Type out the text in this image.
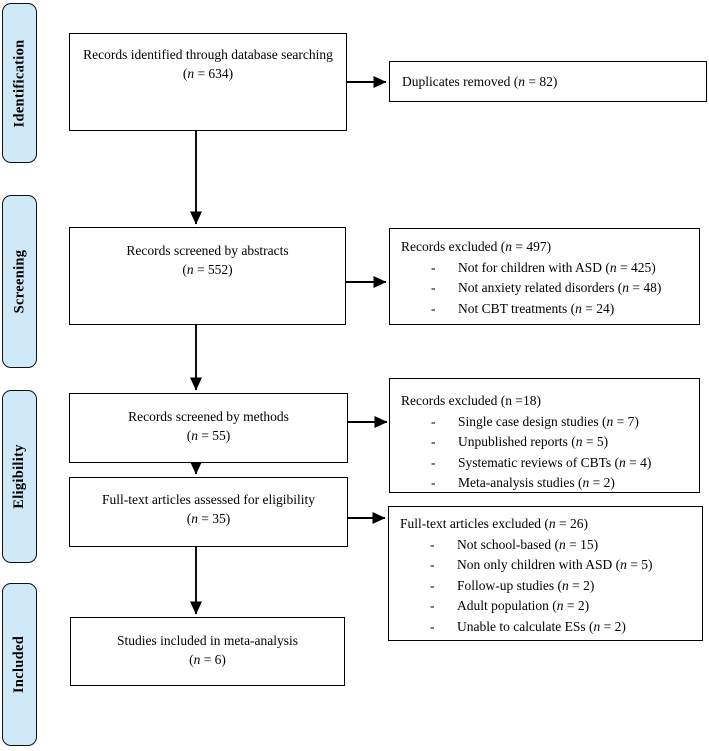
Identification
Screening
Eligibility
Included
Records identified through database searching
(n = 634)
Records screened by abstracts
(n = 552)
Records screened by methods
(n = 55)
Full-text articles assessed for eligibility
(n = 35)
Studies included in meta-analysis
(n = 6)
Duplicates removed (n = 82)
Records excluded (n = 497)
-	Not for children with ASD (n = 425)
-	Not anxiety related disorders (n = 48)
-	Not CBT treatments (n = 24)
Records excluded (n =18)
-	Single case design studies (n = 7)
-	Unpublished reports (n = 5)
-	Systematic reviews of CBTs (n = 4)
-	Meta-analysis studies (n = 2)
Full-text articles excluded (n = 26)
-	Not school-based (n = 15)
-	Non only children with ASD (n = 5)
-	Follow-up studies (n = 2)
-	Adult population (n = 2)
-	Unable to calculate ESs (n = 2)
